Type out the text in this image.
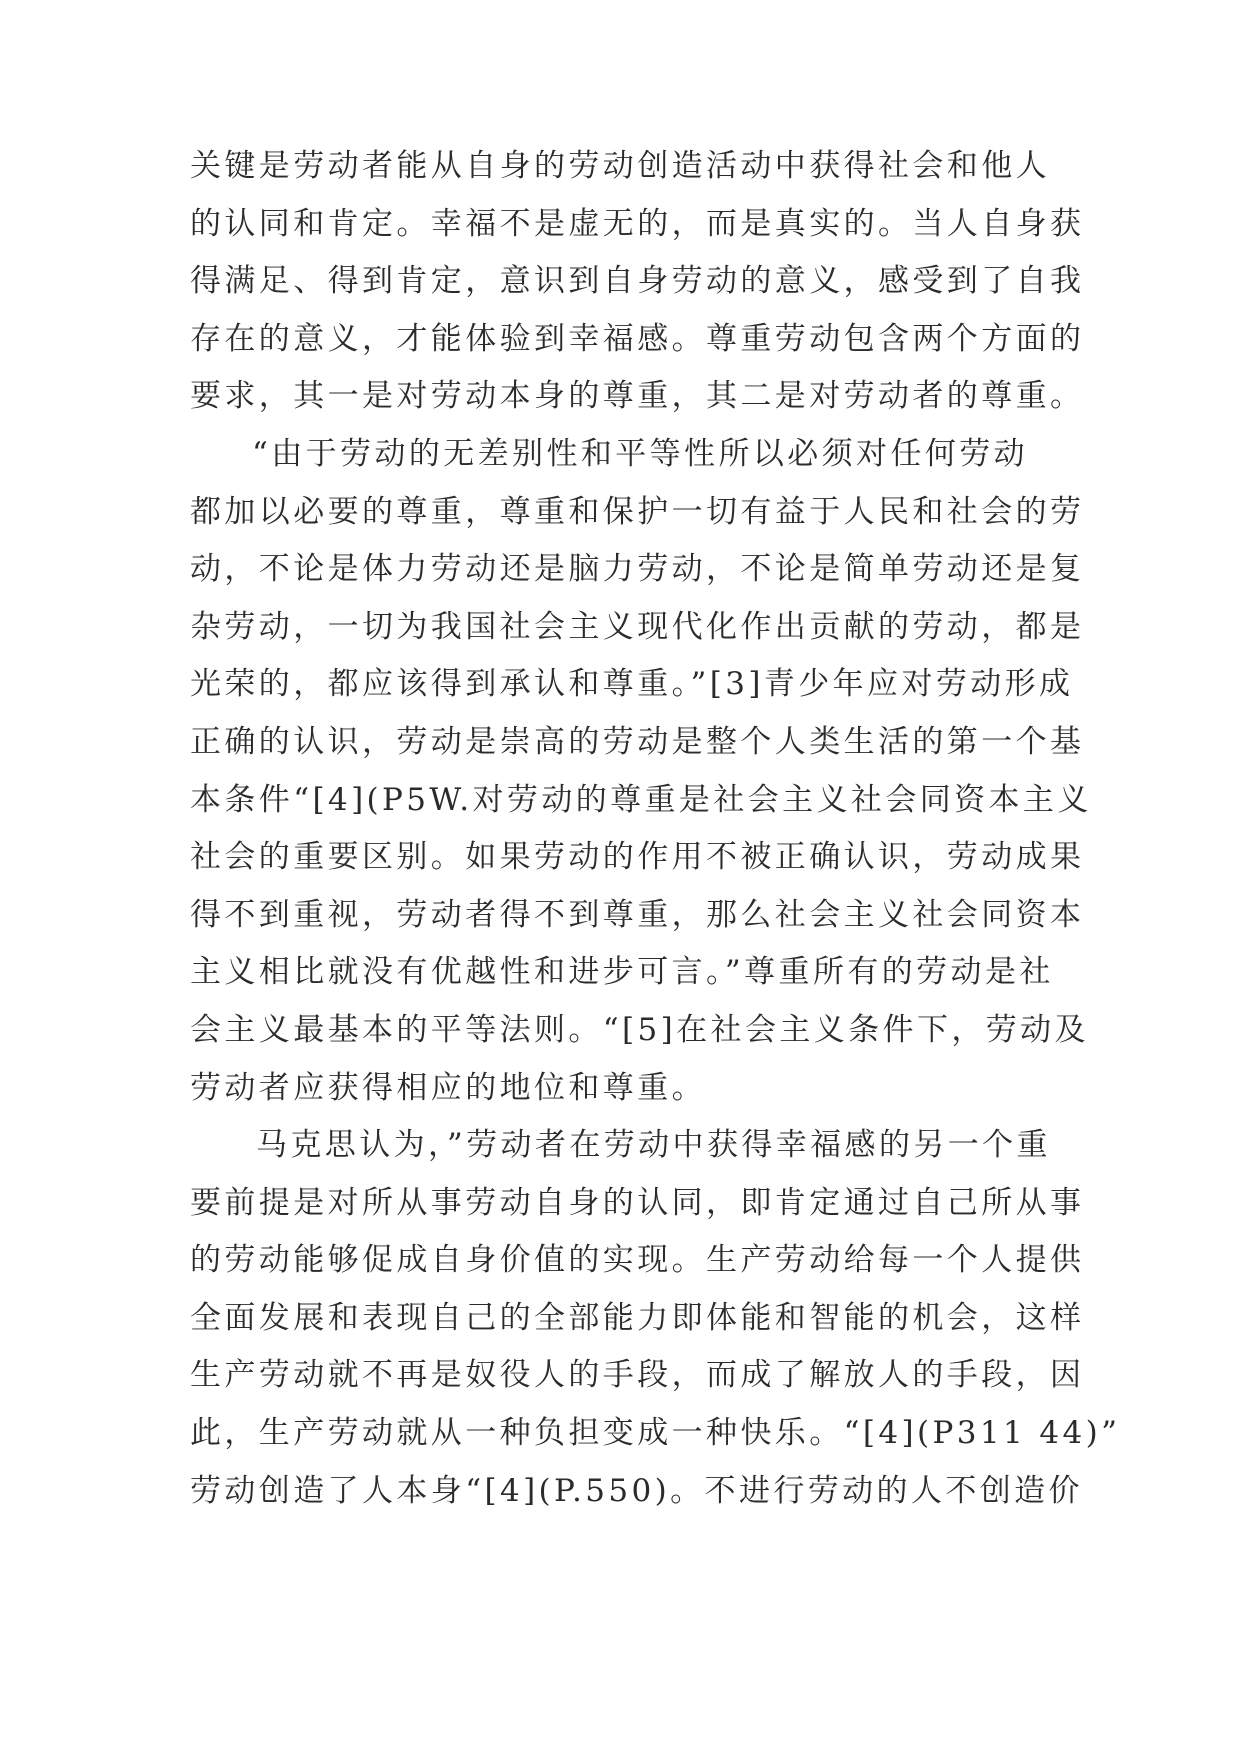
关键是劳动者能从自身的劳动创造活动中获得社会和他人
的认同和肯定。幸福不是虚无的，而是真实的。当人自身获
得满足、得到肯定，意识到自身劳动的意义，感受到了自我
存在的意义，才能体验到幸福感。尊重劳动包含两个方面的
要求，其一是对劳动本身的尊重，其二是对劳动者的尊重。
“由于劳动的无差别性和平等性所以必须对任何劳动
都加以必要的尊重，尊重和保护一切有益于人民和社会的劳
动，不论是体力劳动还是脑力劳动，不论是简单劳动还是复
杂劳动，一切为我国社会主义现代化作出贡献的劳动，都是
光荣的，都应该得到承认和尊重。”[3]青少年应对劳动形成
正确的认识，劳动是崇高的劳动是整个人类生活的第一个基
本条件“[4](P5W.对劳动的尊重是社会主义社会同资本主义
社会的重要区别。如果劳动的作用不被正确认识，劳动成果
得不到重视，劳动者得不到尊重，那么社会主义社会同资本
主义相比就没有优越性和进步可言。”尊重所有的劳动是社
会主义最基本的平等法则。“[5]在社会主义条件下，劳动及
劳动者应获得相应的地位和尊重。
马克思认为，”劳动者在劳动中获得幸福感的另一个重
要前提是对所从事劳动自身的认同，即肯定通过自己所从事
的劳动能够促成自身价值的实现。生产劳动给每一个人提供
全面发展和表现自己的全部能力即体能和智能的机会，这样
生产劳动就不再是奴役人的手段，而成了解放人的手段，因
此，生产劳动就从一种负担变成一种快乐。“[4](P311 44)”
劳动创造了人本身“[4](P.550)。不进行劳动的人不创造价
